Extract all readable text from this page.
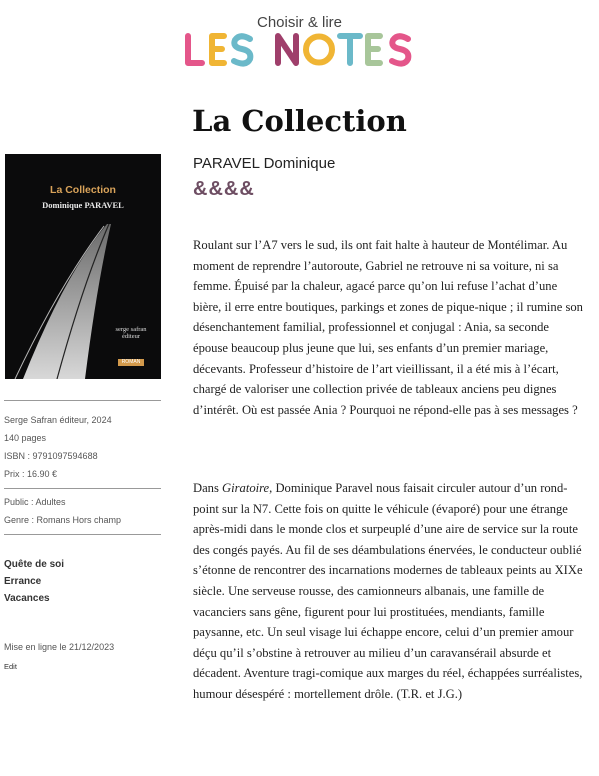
Choisir & lire
La Collection
La Collection
Dominique PARAVEL
serge safran
éditeur
ROMAN
Serge Safran éditeur, 2024
140 pages
ISBN : 9791097594688
Prix : 16.90 €
Public : Adultes
Genre : Romans Hors champ
Quête de soi
Errance
Vacances
Mise en ligne le 21/12/2023
Edit
PARAVEL Dominique
&&&&
Roulant sur l’A7 vers le sud, ils ont fait halte à hauteur de Montélimar. Au moment de reprendre l’autoroute, Gabriel ne retrouve ni sa voiture, ni sa femme. Épuisé par la chaleur, agacé parce qu’on lui refuse l’achat d’une bière, il erre entre boutiques, parkings et zones de pique-nique ; il rumine son désenchantement familial, professionnel et conjugal : Ania, sa seconde épouse beaucoup plus jeune que lui, ses enfants d’un premier mariage, décevants. Professeur d’histoire de l’art vieillissant, il a été mis à l’écart, chargé de valoriser une collection privée de tableaux anciens peu dignes d’intérêt. Où est passée Ania ? Pourquoi ne répond-elle pas à ses messages ?
Dans Giratoire, Dominique Paravel nous faisait circuler autour d’un rond-point sur la N7. Cette fois on quitte le véhicule (évaporé) pour une étrange après-midi dans le monde clos et surpeuplé d’une aire de service sur la route des congés payés. Au fil de ses déambulations énervées, le conducteur oublié s’étonne de rencontrer des incarnations modernes de tableaux peints au XIXe siècle. Une serveuse rousse, des camionneurs albanais, une famille de vacanciers sans gêne, figurent pour lui prostituées, mendiants, famille paysanne, etc. Un seul visage lui échappe encore, celui d’un premier amour déçu qu’il s’obstine à retrouver au milieu d’un caravansérail absurde et décadent. Aventure tragi-comique aux marges du réel, échappées surréalistes, humour désespéré : mortellement drôle. (T.R. et J.G.)
